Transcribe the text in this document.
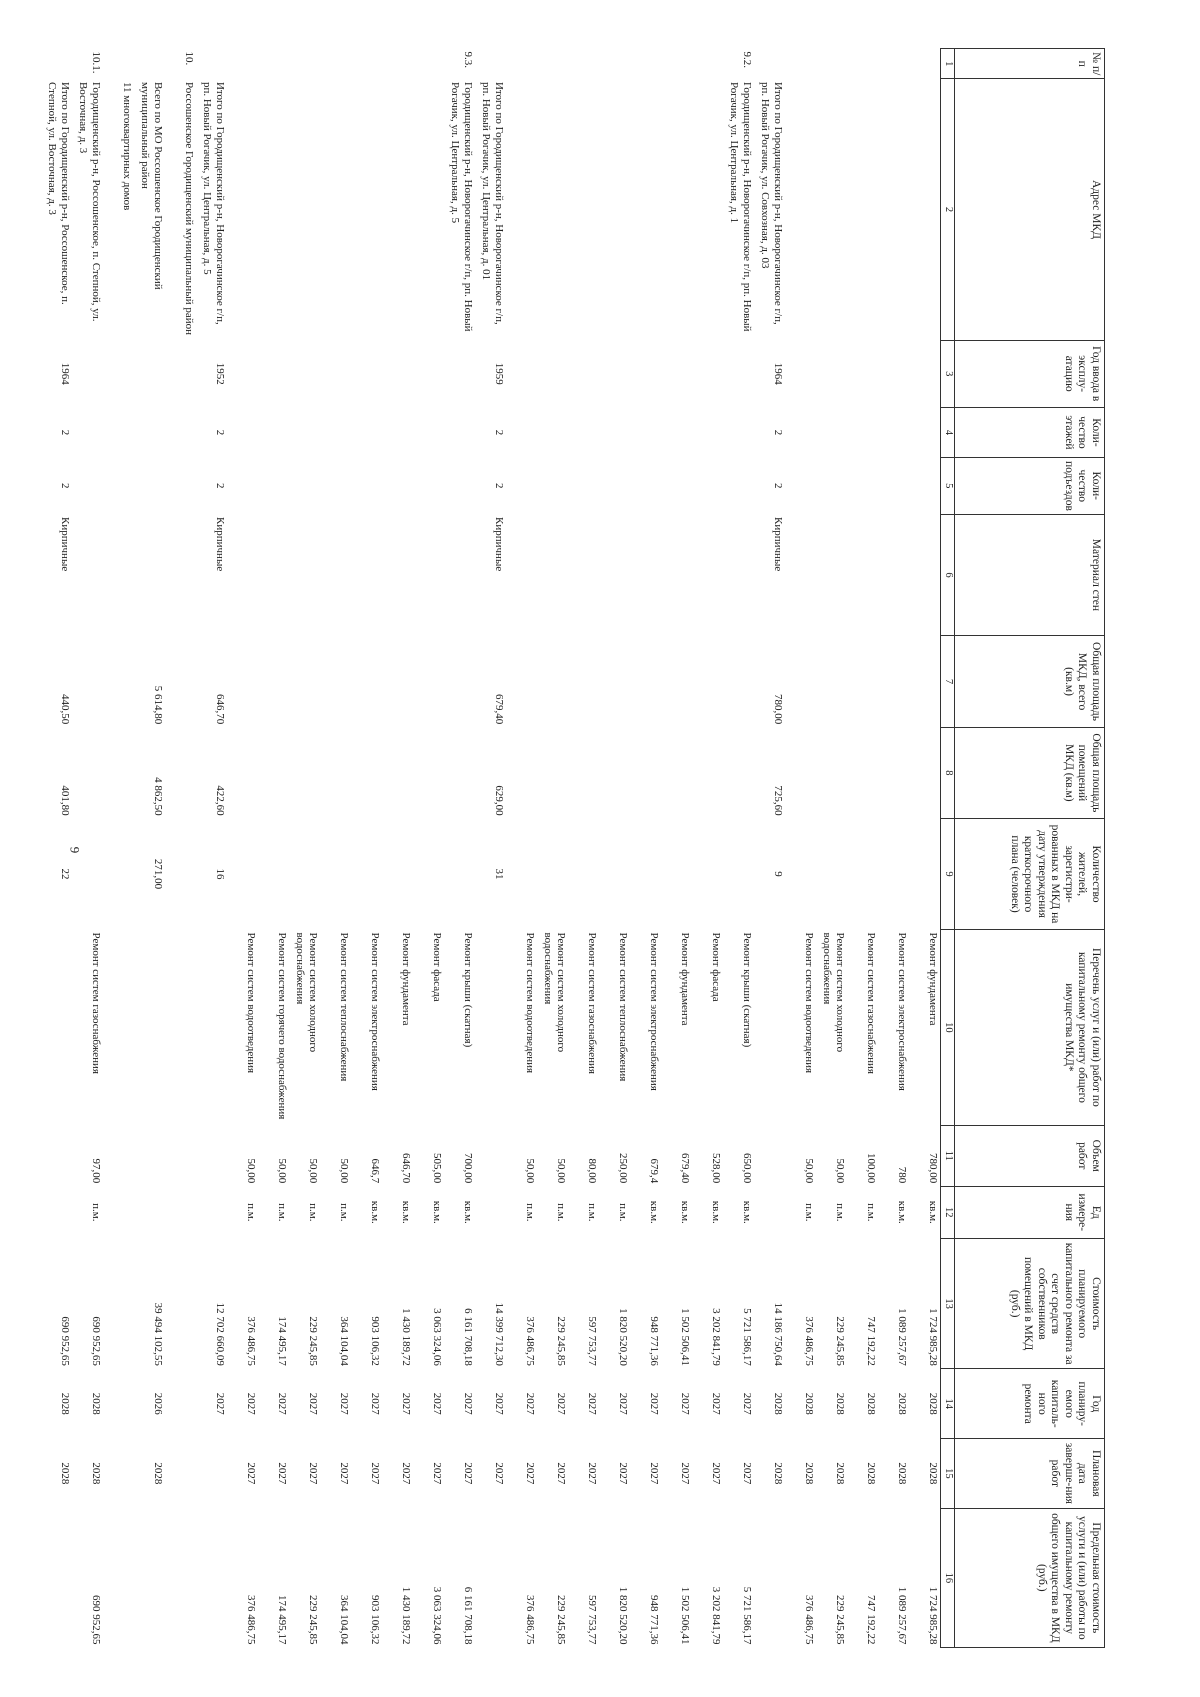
6
№ п/п	Адрес МКД	Год ввода в эксплу-атацию	Коли-чество этажей	Коли-чество подъездов	Материал стен	Общая площадь МКД, всего (кв.м)	Общая площадь помещений МКД (кв.м)	Количество жителей, зарегистри-рованных в МКД на дату утверждения краткосрочного плана (человек)	Перечень услуг и (или) работ по капитальному ремонту общего имущества МКД*	Объем работ	Ед измере-ния	Стоимость планируемого капитального ремонта за счет средств собственников помещений в МКД (руб.)	Год планиру-емого капиталь-ного ремонта	Плановая дата заверше-ния работ	Предельная стоимость услуги и (или) работы по капитальному ремонту общего имущества в МКД (руб.)
1	2	3	4	5	6	7	8	9	10	11	12	13	14	15	16
									Ремонт фундамента	780,00	кв.м.	1 724 985,28	2028	2028	1 724 985,28
									Ремонт систем электроснабжения	780	кв.м.	1 089 257,67	2028	2028	1 089 257,67
									Ремонт систем газоснабжения	100,00	п.м.	747 192,22	2028	2028	747 192,22
									Ремонт систем холодного водоснабжения	50,00	п.м.	229 245,85	2028	2028	229 245,85
									Ремонт систем водоотведения	50,00	п.м.	376 486,75	2028	2028	376 486,75
	Итого по Городищенский р-н, Новорогачинское г/п, рп. Новый Рогачик, ул. Совхозная, д. 03	1964	2	2	Кирпичные	780,00	725,60	9				14 186 750,64	2028	2028	
9.2.	Городищенский р-н, Новорогачинское г/п, рп. Новый Рогачик, ул. Центральная, д. 1								Ремонт крыши (скатная)	650,00	кв.м.	5 721 586,17	2027	2027	5 721 586,17
									Ремонт фасада	528,00	кв.м.	3 202 841,79	2027	2027	3 202 841,79
									Ремонт фундамента	679,40	кв.м.	1 502 506,41	2027	2027	1 502 506,41
									Ремонт систем электроснабжения	679,4	кв.м.	948 771,36	2027	2027	948 771,36
									Ремонт систем теплоснабжения	250,00	п.м.	1 820 520,20	2027	2027	1 820 520,20
									Ремонт систем газоснабжения	80,00	п.м.	597 753,77	2027	2027	597 753,77
									Ремонт систем холодного водоснабжения	50,00	п.м.	229 245,85	2027	2027	229 245,85
									Ремонт систем водоотведения	50,00	п.м.	376 486,75	2027	2027	376 486,75
	Итого по Городищенский р-н, Новорогачинское г/п, рп. Новый Рогачик, ул. Центральная, д. 01	1959	2	2	Кирпичные	679,40	629,00	31				14 399 712,30	2027	2027	
9.3.	Городищенский р-н, Новорогачинское г/п, рп. Новый Рогачик, ул. Центральная, д. 5								Ремонт крыши (скатная)	700,00	кв.м.	6 161 708,18	2027	2027	6 161 708,18
									Ремонт фасада	505,00	кв.м.	3 063 324,06	2027	2027	3 063 324,06
									Ремонт фундамента	646,70	кв.м.	1 430 189,72	2027	2027	1 430 189,72
									Ремонт систем электроснабжения	646,7	кв.м.	903 106,32	2027	2027	903 106,32
									Ремонт систем теплоснабжения	50,00	п.м.	364 104,04	2027	2027	364 104,04
									Ремонт систем холодного водоснабжения	50,00	п.м.	229 245,85	2027	2027	229 245,85
									Ремонт систем горячего водоснабжения	50,00	п.м.	174 495,17	2027	2027	174 495,17
									Ремонт систем водоотведения	50,00	п.м.	376 486,75	2027	2027	376 486,75
	Итого по Городищенский р-н, Новорогачинское г/п, рп. Новый Рогачик, ул. Центральная, д. 5	1952	2	2	Кирпичные	646,70	422,60	16				12 702 660,09	2027		
10.	Россошенское Городищенский муниципальный район														
	Всего по МО Россошенское Городищенский муниципальный район					5 614,80	4 862,50	271,00				39 494 102,55	2026	2028	
	11 многоквартирных домов														
10.1.	Городищенский р-н, Россошенское, п. Степной, ул. Восточная, д. 3								Ремонт систем газоснабжения	97,00	п.м.	690 952,65	2028	2028	690 952,65
	Итого по Городищенский р-н, Россошенское, п. Степной, ул. Восточная, д. 3	1964	2	2	Кирпичные	440,50	401,80	22				690 952,65	2028	2028	
